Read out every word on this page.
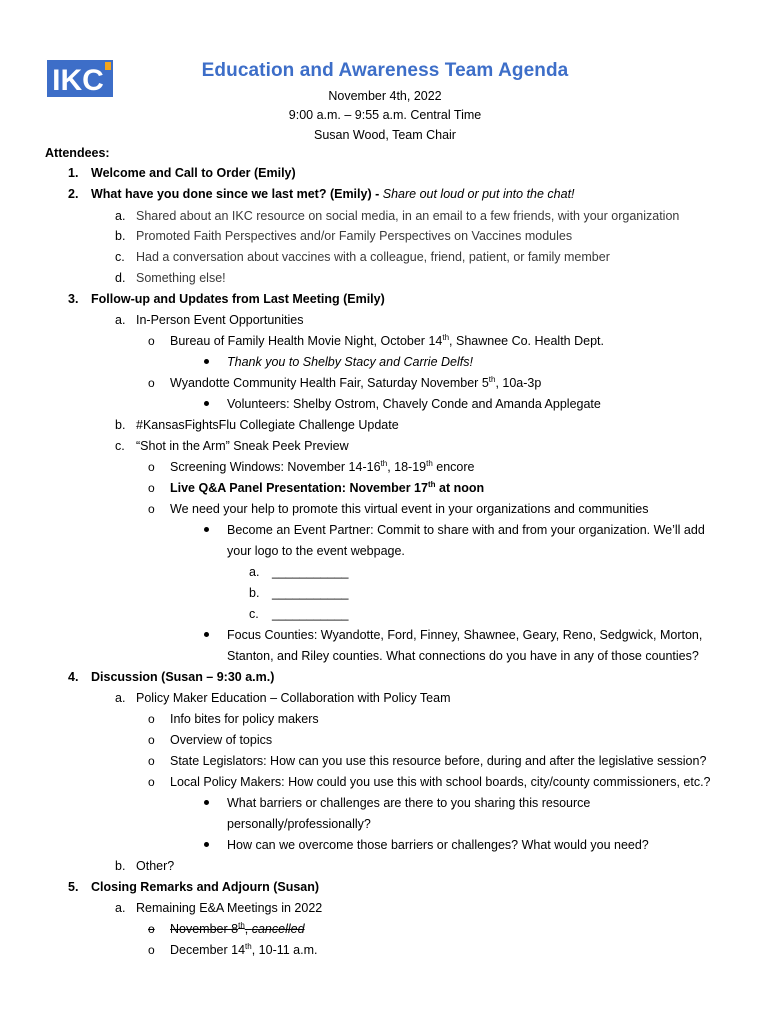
IKC	Education and Awareness Team Agenda
November 4th, 2022
9:00 a.m. – 9:55 a.m. Central Time
Susan Wood, Team Chair
Attendees:
1. Welcome and Call to Order (Emily)
2. What have you done since we last met? (Emily) - Share out loud or put into the chat!
a. Shared about an IKC resource on social media, in an email to a few friends, with your organization
b. Promoted Faith Perspectives and/or Family Perspectives on Vaccines modules
c. Had a conversation about vaccines with a colleague, friend, patient, or family member
d. Something else!
3. Follow-up and Updates from Last Meeting (Emily)
a. In-Person Event Opportunities
o Bureau of Family Health Movie Night, October 14th, Shawnee Co. Health Dept.
Thank you to Shelby Stacy and Carrie Delfs!
o Wyandotte Community Health Fair, Saturday November 5th, 10a-3p
Volunteers: Shelby Ostrom, Chavely Conde and Amanda Applegate
b. #KansasFightsFlu Collegiate Challenge Update
c. “Shot in the Arm” Sneak Peek Preview
o Screening Windows: November 14-16th, 18-19th encore
o Live Q&A Panel Presentation: November 17th at noon
o We need your help to promote this virtual event in your organizations and communities
Become an Event Partner: Commit to share with and from your organization. We’ll add
your logo to the event webpage.
a. ___________
b. ___________
c. ___________
Focus Counties: Wyandotte, Ford, Finney, Shawnee, Geary, Reno, Sedgwick, Morton,
Stanton, and Riley counties. What connections do you have in any of those counties?
4. Discussion (Susan – 9:30 a.m.)
a. Policy Maker Education – Collaboration with Policy Team
o Info bites for policy makers
o Overview of topics
o State Legislators: How can you use this resource before, during and after the legislative session?
o Local Policy Makers: How could you use this with school boards, city/county commissioners, etc.?
What barriers or challenges are there to you sharing this resource
personally/professionally?
How can we overcome those barriers or challenges? What would you need?
b. Other?
5. Closing Remarks and Adjourn (Susan)
a. Remaining E&A Meetings in 2022
o November 8th, cancelled
o December 14th, 10-11 a.m.
